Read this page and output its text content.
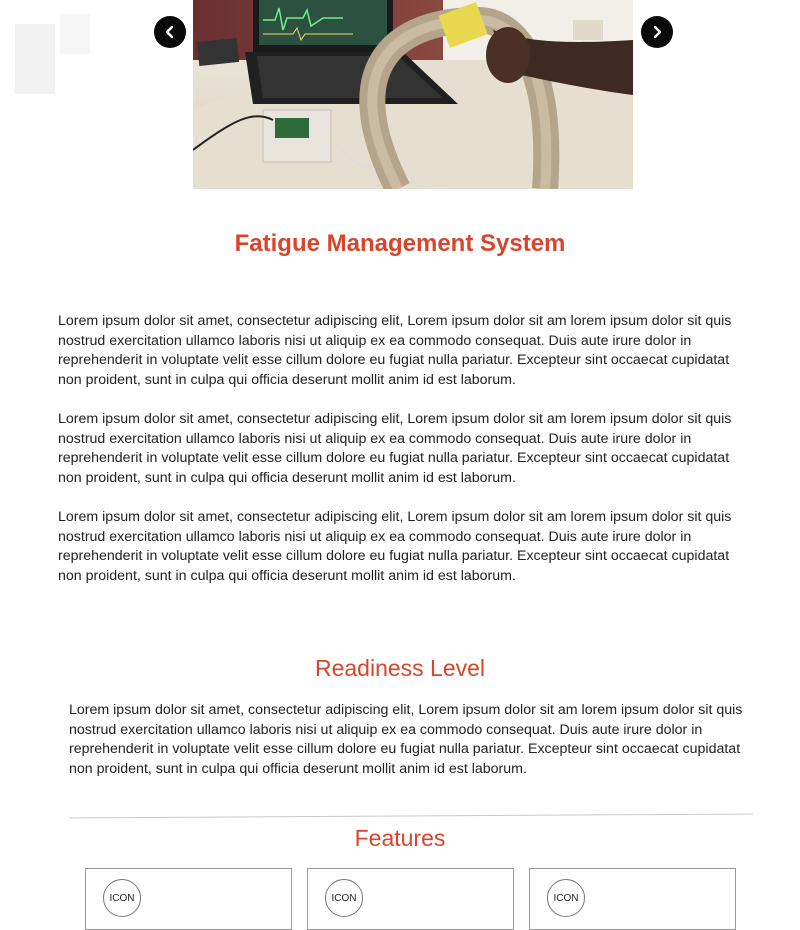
Fatigue Management System

Lorem ipsum dolor sit amet, consectetur adipiscing elit, Lorem ipsum dolor sit am lorem ipsum dolor sit quis nostrud exercitation ullamco laboris nisi ut aliquip ex ea commodo consequat. Duis aute irure dolor in reprehenderit in voluptate velit esse cillum dolore eu fugiat nulla pariatur. Excepteur sint occaecat cupidatat non proident, sunt in culpa qui officia deserunt mollit anim id est laborum.

Lorem ipsum dolor sit amet, consectetur adipiscing elit, Lorem ipsum dolor sit am lorem ipsum dolor sit quis nostrud exercitation ullamco laboris nisi ut aliquip ex ea commodo consequat. Duis aute irure dolor in reprehenderit in voluptate velit esse cillum dolore eu fugiat nulla pariatur. Excepteur sint occaecat cupidatat non proident, sunt in culpa qui officia deserunt mollit anim id est laborum.

Lorem ipsum dolor sit amet, consectetur adipiscing elit, Lorem ipsum dolor sit am lorem ipsum dolor sit quis nostrud exercitation ullamco laboris nisi ut aliquip ex ea commodo consequat. Duis aute irure dolor in reprehenderit in voluptate velit esse cillum dolore eu fugiat nulla pariatur. Excepteur sint occaecat cupidatat non proident, sunt in culpa qui officia deserunt mollit anim id est laborum.

Readiness Level

Lorem ipsum dolor sit amet, consectetur adipiscing elit, Lorem ipsum dolor sit am lorem ipsum dolor sit quis nostrud exercitation ullamco laboris nisi ut aliquip ex ea commodo consequat. Duis aute irure dolor in reprehenderit in voluptate velit esse cillum dolore eu fugiat nulla pariatur. Excepteur sint occaecat cupidatat non proident, sunt in culpa qui officia deserunt mollit anim id est laborum.

Features
ICON	ICON	ICON
